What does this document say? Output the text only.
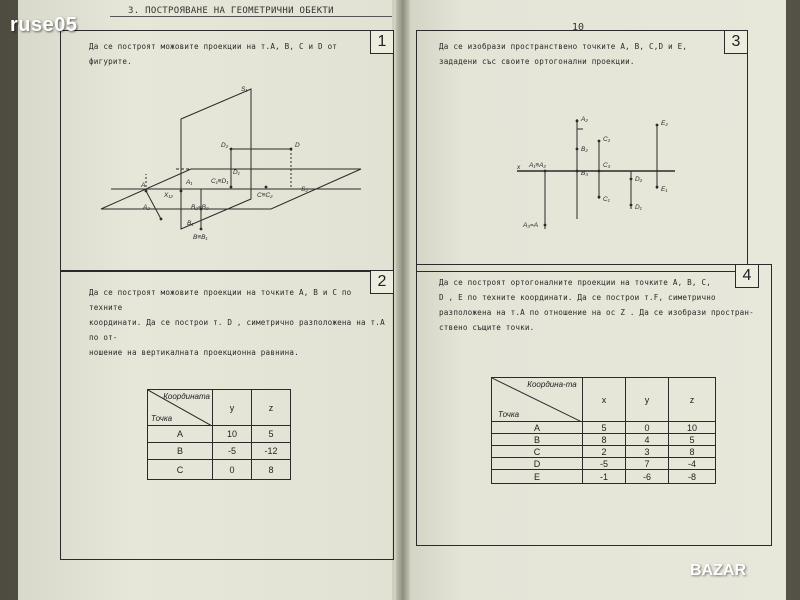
3. ПОСТРОЯВАНЕ НА ГЕОМЕТРИЧНИ ОБЕКТИ
10
1

Да се построят можовите проекции на т.А, В, С и D от

фигурите.

A	A₁
A₂
B₁
B₂=B₃
B≡B₁
C₁≡D₁
C≡C₂
D
D₁
D₂
S₂
S₁
X₁₂
2

Да се построят можовите проекции на точките А, В и С по техните

координати. Да се построи т. D , симетрично разположена на т.А по от-

ношение на вертикалната проекционна равнина.

Координата
Точка	y	z
A	10	5
B	-5	-12
C	0	8
3

Да се изобрази пространствено точките А, В, С,D и Е,

зададени със своите ортогонални проекции.

E₂
C₂
A₂
B₂
A₁≡A₂	C₃
D₂
B₃
C₁
E₁
D₁
A₃=A
x
4

Да се построят ортогоналните проекции на точките А, В, С,

D , Е по техните координати. Да се построи т.F, симетрично

разположена на т.А по отношение на ос Z . Да се изобрази простран-

ствено същите точки.

Координа-та
Точка	x	y	z
A	5	0	10
B	8	4	5
C	2	3	8
D	-5	7	-4
E	-1	-6	-8
ruse05
BAZAR
